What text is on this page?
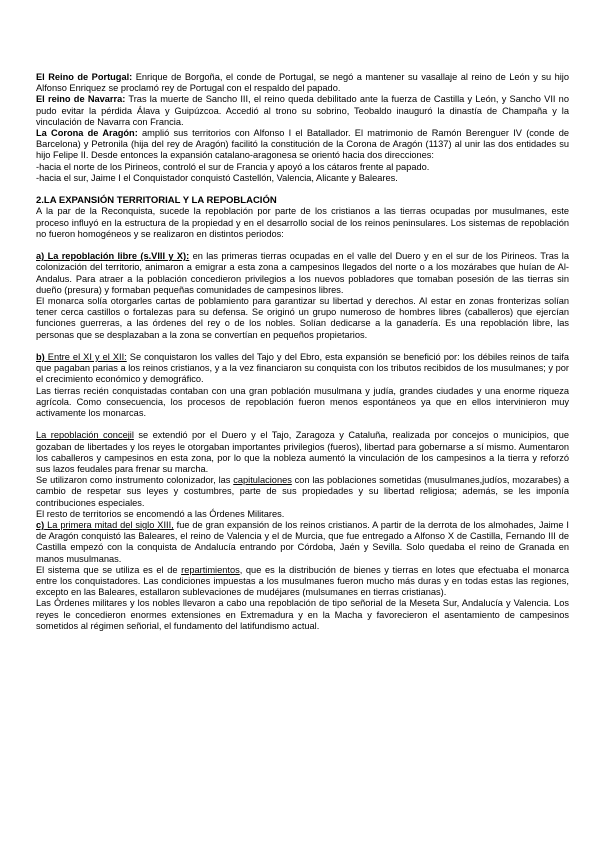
El Reino de Portugal: Enrique de Borgoña, el conde de Portugal, se negó a mantener su vasallaje al reino de León y su hijo Alfonso Enriquez se proclamó rey de Portugal con el respaldo del papado.

El reino de Navarra: Tras la muerte de Sancho III, el reino queda debilitado ante la fuerza de Castilla y León, y Sancho VII no pudo evitar la pérdida Álava y Guipúzcoa. Accedió al trono su sobrino, Teobaldo inauguró la dinastía de Champaña y la vinculación de Navarra con Francia.

La Corona de Aragón: amplió sus territorios con Alfonso I el Batallador. El matrimonio de Ramón Berenguer IV (conde de Barcelona) y Petronila (hija del rey de Aragón) facilitó la constitución de la Corona de Aragón (1137) al unir las dos entidades su hijo Felipe II. Desde entonces la expansión catalano-aragonesa se orientó hacia dos direcciones:

-hacia el norte de los Pirineos, controló el sur de Francia y apoyó a los cátaros frente al papado.

-hacia el sur, Jaime I el Conquistador conquistó Castellón, Valencia, Alicante y Baleares.

2.LA EXPANSIÓN TERRITORIAL Y LA REPOBLACIÓN

A la par de la Reconquista, sucede la repoblación por parte de los cristianos a las tierras ocupadas por musulmanes, este proceso influyó en la estructura de la propiedad y en el desarrollo social de los reinos peninsulares. Los sistemas de repoblación no fueron homogéneos y se realizaron en distintos periodos:

a) La repoblación libre (s.VIII y X): en las primeras tierras ocupadas en el valle del Duero y en el sur de los Pirineos. Tras la colonización del territorio, animaron a emigrar a esta zona a campesinos llegados del norte o a los mozárabes que huían de Al-Andalus. Para atraer a la población concedieron privilegios a los nuevos pobladores que tomaban posesión de las tierras sin dueño (presura) y formaban pequeñas comunidades de campesinos libres.

El monarca solía otorgarles cartas de poblamiento para garantizar su libertad y derechos. Al estar en zonas fronterizas solían tener cerca castillos o fortalezas para su defensa. Se originó un grupo numeroso de hombres libres (caballeros) que ejercían funciones guerreras, a las órdenes del rey o de los nobles. Solían dedicarse a la ganadería. Es una repoblación libre, las personas que se desplazaban a la zona se convertían en pequeños propietarios.

b) Entre el XI y el XII: Se conquistaron los valles del Tajo y del Ebro, esta expansión se benefició por: los débiles reinos de taifa que pagaban parias a los reinos cristianos, y a la vez financiaron su conquista con los tributos recibidos de los musulmanes; y por el crecimiento económico y demográfico.

Las tierras recién conquistadas contaban con una gran población musulmana y judía, grandes ciudades y una enorme riqueza agrícola. Como consecuencia, los procesos de repoblación fueron menos espontáneos ya que en ellos intervinieron muy activamente los monarcas.

La repoblación concejil se extendió por el Duero y el Tajo, Zaragoza y Cataluña, realizada por concejos o municipios, que gozaban de libertades y los reyes le otorgaban importantes privilegios (fueros), libertad para gobernarse a sí mismo. Aumentaron los caballeros y campesinos en esta zona, por lo que la nobleza aumentó la vinculación de los campesinos a la tierra y reforzó sus lazos feudales para frenar su marcha.

Se utilizaron como instrumento colonizador, las capitulaciones con las poblaciones sometidas (musulmanes,judíos, mozarabes) a cambio de respetar sus leyes y costumbres, parte de sus propiedades y su libertad religiosa; además, se les imponía contribuciones especiales.

El resto de territorios se encomendó a las Órdenes Militares.

c) La primera mitad del siglo XIII, fue de gran expansión de los reinos cristianos. A partir de la derrota de los almohades, Jaime I de Aragón conquistó las Baleares, el reino de Valencia y el de Murcia, que fue entregado a Alfonso X de Castilla, Fernando III de Castilla empezó con la conquista de Andalucía entrando por Córdoba, Jaén y Sevilla. Solo quedaba el reino de Granada en manos musulmanas.

El sistema que se utiliza es el de repartimientos, que es la distribución de bienes y tierras en lotes que efectuaba el monarca entre los conquistadores. Las condiciones impuestas a los musulmanes fueron mucho más duras y en todas estas las regiones, excepto en las Baleares, estallaron sublevaciones de mudéjares (mulsumanes en tierras cristianas).

Las Órdenes militares y los nobles llevaron a cabo una repoblación de tipo señorial de la Meseta Sur, Andalucía y Valencia. Los reyes le concedieron enormes extensiones en Extremadura y en la Macha y favorecieron el asentamiento de campesinos sometidos al régimen señorial, el fundamento del latifundismo actual.
